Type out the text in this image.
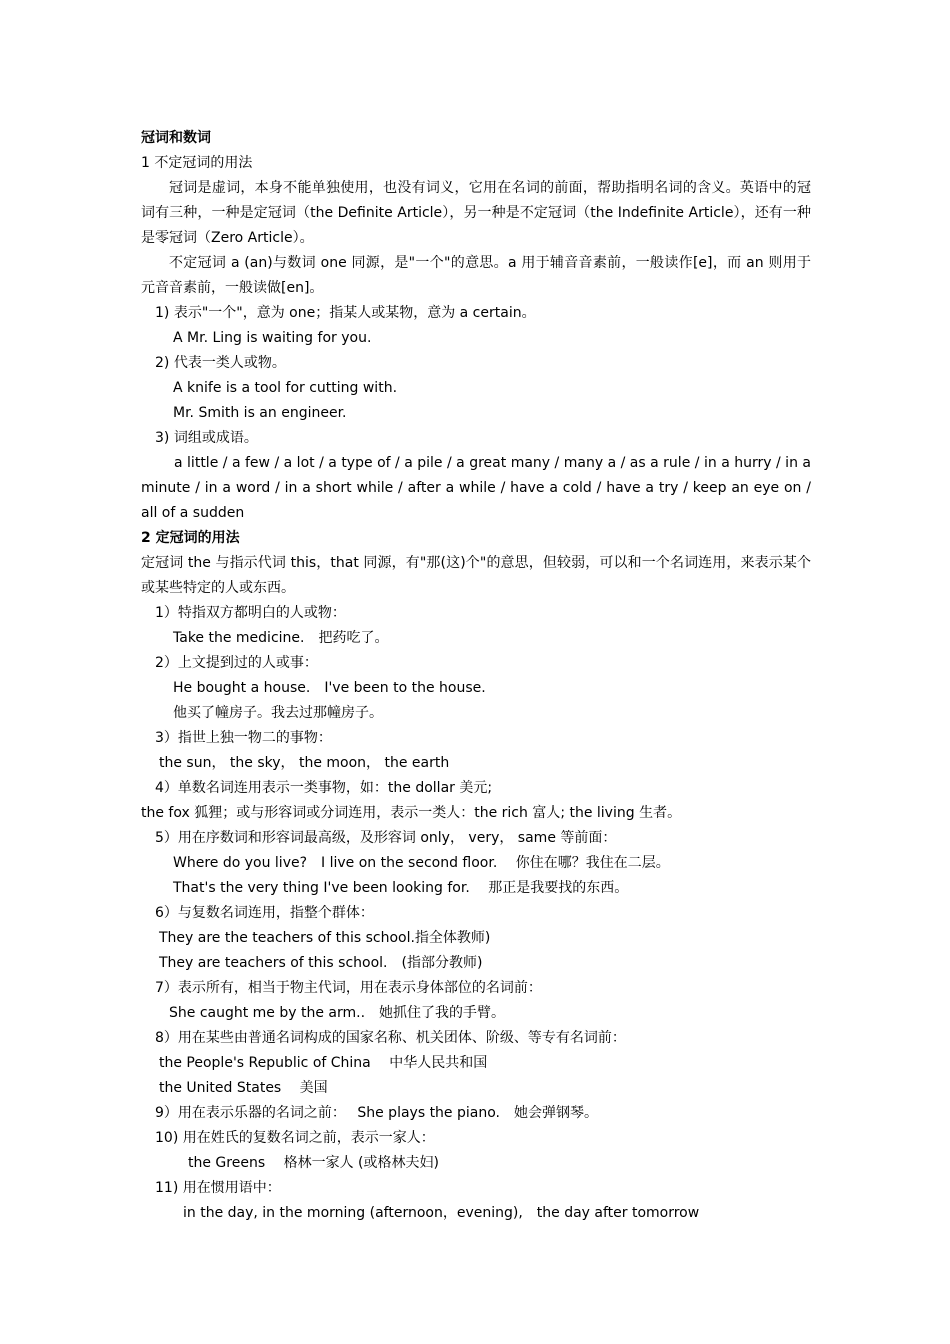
冠词和数词
1 不定冠词的用法
冠词是虚词，本身不能单独使用，也没有词义，它用在名词的前面，帮助指明名词的含义。英语中的冠词有三种，一种是定冠词（the Definite Article），另一种是不定冠词（the Indefinite Article），还有一种是零冠词（Zero Article）。
不定冠词 a (an)与数词 one 同源，是"一个"的意思。a 用于辅音音素前，一般读作[e]，而 an 则用于元音音素前，一般读做[en]。
1) 表示"一个"，意为 one；指某人或某物，意为 a certain。
A Mr. Ling is waiting for you.
2) 代表一类人或物。
A knife is a tool for cutting with.
Mr. Smith is an engineer.
3) 词组或成语。
a little / a few / a lot / a type of / a pile / a great many / many a / as a rule / in a hurry / in a minute / in a word / in a short while / after a while / have a cold / have a try / keep an eye on / all of a sudden
2 定冠词的用法
定冠词 the 与指示代词 this，that 同源，有"那(这)个"的意思，但较弱，可以和一个名词连用，来表示某个或某些特定的人或东西。
1）特指双方都明白的人或物：
Take the medicine.　把药吃了。
2）上文提到过的人或事：
He bought a house.　I've been to the house.
他买了幢房子。我去过那幢房子。
3）指世上独一物二的事物：
the sun， the sky， the moon， the earth
4）单数名词连用表示一类事物，如：the dollar 美元;
the fox 狐狸；或与形容词或分词连用，表示一类人：the rich 富人; the living 生者。
5）用在序数词和形容词最高级，及形容词 only， very， same 等前面：
Where do you live?　I live on the second floor.　 你住在哪？我住在二层。
That's the very thing I've been looking for.　 那正是我要找的东西。
6）与复数名词连用，指整个群体：
They are the teachers of this school.指全体教师)
They are teachers of this school.　(指部分教师)
7）表示所有，相当于物主代词，用在表示身体部位的名词前：
She caught me by the arm..　她抓住了我的手臂。
8）用在某些由普通名词构成的国家名称、机关团体、阶级、等专有名词前：
the People's Republic of China　 中华人民共和国
the United States　 美国
9）用在表示乐器的名词之前：　 She plays the piano.　她会弹钢琴。
10) 用在姓氏的复数名词之前，表示一家人：
the Greens　 格林一家人 (或格林夫妇)
11) 用在惯用语中：
in the day, in the morning (afternoon，evening),　the day after tomorrow
